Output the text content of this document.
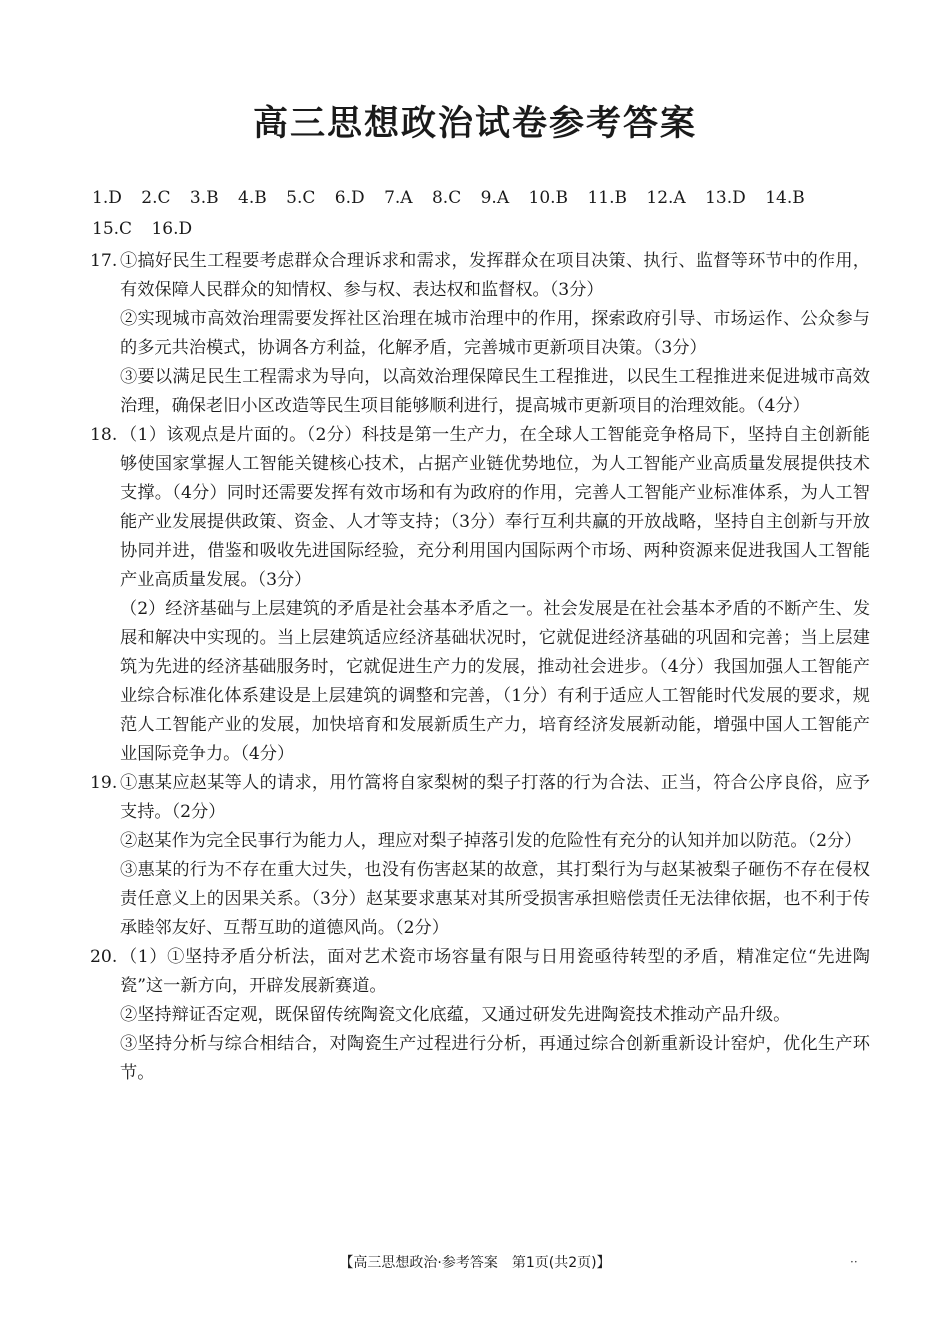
高三思想政治试卷参考答案
1.D 2.C 3.B 4.B 5.C 6.D 7.A 8.C 9.A 10.B 11.B 12.A 13.D 14.B
15.C 16.D
17. ①搞好民生工程要考虑群众合理诉求和需求，发挥群众在项目决策、执行、监督等环节中的作用，有效保障人民群众的知情权、参与权、表达权和监督权。（3分）

②实现城市高效治理需要发挥社区治理在城市治理中的作用，探索政府引导、市场运作、公众参与的多元共治模式，协调各方利益，化解矛盾，完善城市更新项目决策。（3分）

③要以满足民生工程需求为导向，以高效治理保障民生工程推进，以民生工程推进来促进城市高效治理，确保老旧小区改造等民生项目能够顺利进行，提高城市更新项目的治理效能。（4分）

18. （1）该观点是片面的。（2分）科技是第一生产力，在全球人工智能竞争格局下，坚持自主创新能够使国家掌握人工智能关键核心技术，占据产业链优势地位，为人工智能产业高质量发展提供技术支撑。（4分）同时还需要发挥有效市场和有为政府的作用，完善人工智能产业标准体系，为人工智能产业发展提供政策、资金、人才等支持；（3分）奉行互利共赢的开放战略，坚持自主创新与开放协同并进，借鉴和吸收先进国际经验，充分利用国内国际两个市场、两种资源来促进我国人工智能产业高质量发展。（3分）

（2）经济基础与上层建筑的矛盾是社会基本矛盾之一。社会发展是在社会基本矛盾的不断产生、发展和解决中实现的。当上层建筑适应经济基础状况时，它就促进经济基础的巩固和完善；当上层建筑为先进的经济基础服务时，它就促进生产力的发展，推动社会进步。（4分）我国加强人工智能产业综合标准化体系建设是上层建筑的调整和完善，（1分）有利于适应人工智能时代发展的要求，规范人工智能产业的发展，加快培育和发展新质生产力，培育经济发展新动能，增强中国人工智能产业国际竞争力。（4分）

19. ①惠某应赵某等人的请求，用竹篙将自家梨树的梨子打落的行为合法、正当，符合公序良俗，应予支持。（2分）

②赵某作为完全民事行为能力人，理应对梨子掉落引发的危险性有充分的认知并加以防范。（2分）

③惠某的行为不存在重大过失，也没有伤害赵某的故意，其打梨行为与赵某被梨子砸伤不存在侵权责任意义上的因果关系。（3分）赵某要求惠某对其所受损害承担赔偿责任无法律依据，也不利于传承睦邻友好、互帮互助的道德风尚。（2分）

20. （1）①坚持矛盾分析法，面对艺术瓷市场容量有限与日用瓷亟待转型的矛盾，精准定位“先进陶瓷”这一新方向，开辟发展新赛道。

②坚持辩证否定观，既保留传统陶瓷文化底蕴，又通过研发先进陶瓷技术推动产品升级。

③坚持分析与综合相结合，对陶瓷生产过程进行分析，再通过综合创新重新设计窑炉，优化生产环节。

【高三思想政治·参考答案　第1页(共2页)】	··
